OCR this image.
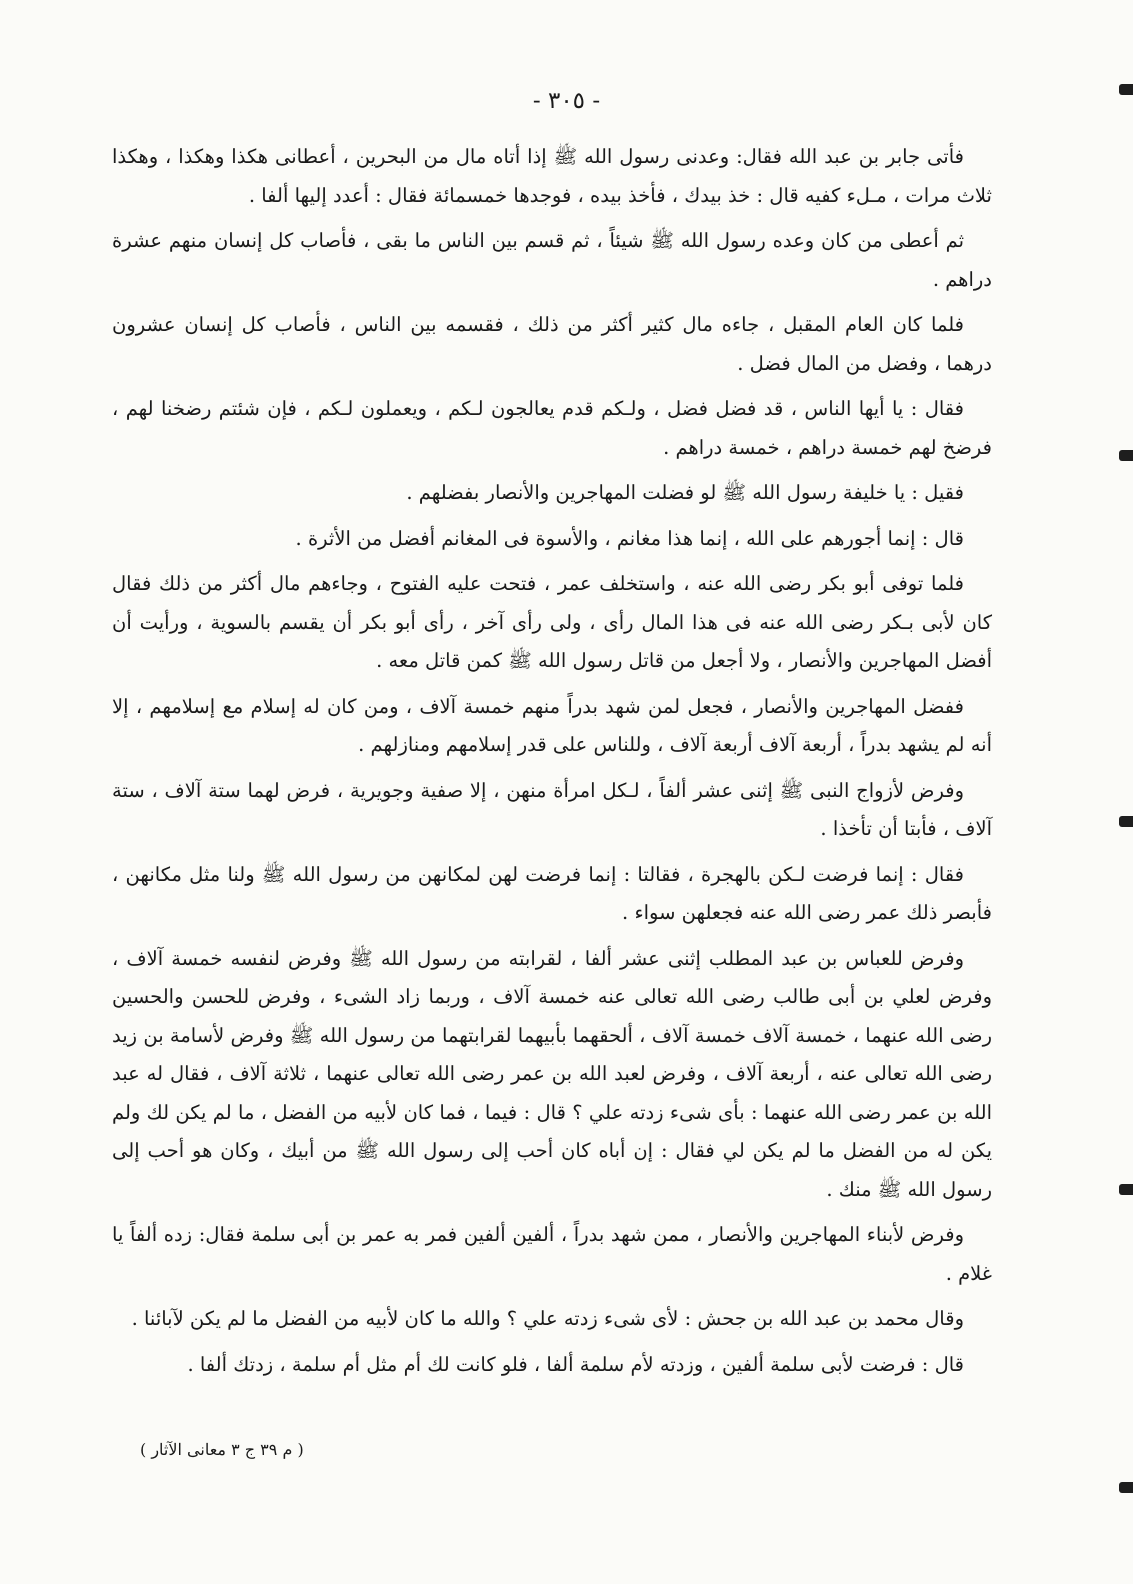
- ٣٠٥ -

فأتى جابر بن عبد الله فقال: وعدنى رسول الله ﷺ إذا أتاه مال من البحرين ، أعطانى هكذا وهكذا ، وهكذا ثلاث مرات ، مـلء كفيه قال : خذ بيدك ، فأخذ بيده ، فوجدها خمسمائة فقال : أعدد إليها ألفا .

ثم أعطى من كان وعده رسول الله ﷺ شيئاً ، ثم قسم بين الناس ما بقى ، فأصاب كل إنسان منهم عشرة دراهم .

فلما كان العام المقبل ، جاءه مال كثير أكثر من ذلك ، فقسمه بين الناس ، فأصاب كل إنسان عشرون درهما ، وفضل من المال فضل .

فقال : يا أيها الناس ، قد فضل فضل ، ولـكم قدم يعالجون لـكم ، ويعملون لـكم ، فإن شئتم رضخنا لهم ، فرضخ لهم خمسة دراهم ، خمسة دراهم .

فقيل : يا خليفة رسول الله ﷺ لو فضلت المهاجرين والأنصار بفضلهم .

قال : إنما أجورهم على الله ، إنما هذا مغانم ، والأسوة فى المغانم أفضل من الأثرة .

فلما توفى أبو بكر رضى الله عنه ، واستخلف عمر ، فتحت عليه الفتوح ، وجاءهم مال أكثر من ذلك فقال كان لأبى بـكر رضى الله عنه فى هذا المال رأى ، ولى رأى آخر ، رأى أبو بكر أن يقسم بالسوية ، ورأيت أن أفضل المهاجرين والأنصار ، ولا أجعل من قاتل رسول الله ﷺ كمن قاتل معه .

ففضل المهاجرين والأنصار ، فجعل لمن شهد بدراً منهم خمسة آلاف ، ومن كان له إسلام مع إسلامهم ، إلا أنه لم يشهد بدراً ، أربعة آلاف أربعة آلاف ، وللناس على قدر إسلامهم ومنازلهم .

وفرض لأزواج النبى ﷺ إثنى عشر ألفاً ، لـكل امرأة منهن ، إلا صفية وجويرية ، فرض لهما ستة آلاف ، ستة آلاف ، فأبتا أن تأخذا .

فقال : إنما فرضت لـكن بالهجرة ، فقالتا : إنما فرضت لهن لمكانهن من رسول الله ﷺ ولنا مثل مكانهن ، فأبصر ذلك عمر رضى الله عنه فجعلهن سواء .

وفرض للعباس بن عبد المطلب إثنى عشر ألفا ، لقرابته من رسول الله ﷺ وفرض لنفسه خمسة آلاف ، وفرض لعلي بن أبى طالب رضى الله تعالى عنه خمسة آلاف ، وربما زاد الشىء ، وفرض للحسن والحسين رضى الله عنهما ، خمسة آلاف خمسة آلاف ، ألحقهما بأبيهما لقرابتهما من رسول الله ﷺ وفرض لأسامة بن زيد رضى الله تعالى عنه ، أربعة آلاف ، وفرض لعبد الله بن عمر رضى الله تعالى عنهما ، ثلاثة آلاف ، فقال له عبد الله بن عمر رضى الله عنهما : بأى شىء زدته علي ؟ قال : فيما ، فما كان لأبيه من الفضل ، ما لم يكن لك ولم يكن له من الفضل ما لم يكن لي فقال : إن أباه كان أحب إلى رسول الله ﷺ من أبيك ، وكان هو أحب إلى رسول الله ﷺ منك .

وفرض لأبناء المهاجرين والأنصار ، ممن شهد بدراً ، ألفين ألفين فمر به عمر بن أبى سلمة فقال: زده ألفاً يا غلام .

وقال محمد بن عبد الله بن جحش : لأى شىء زدته علي ؟ والله ما كان لأبيه من الفضل ما لم يكن لآبائنا .

قال : فرضت لأبى سلمة ألفين ، وزدته لأم سلمة ألفا ، فلو كانت لك أم مثل أم سلمة ، زدتك ألفا .

( م ٣٩ ج ٣ معانى الآثار )
